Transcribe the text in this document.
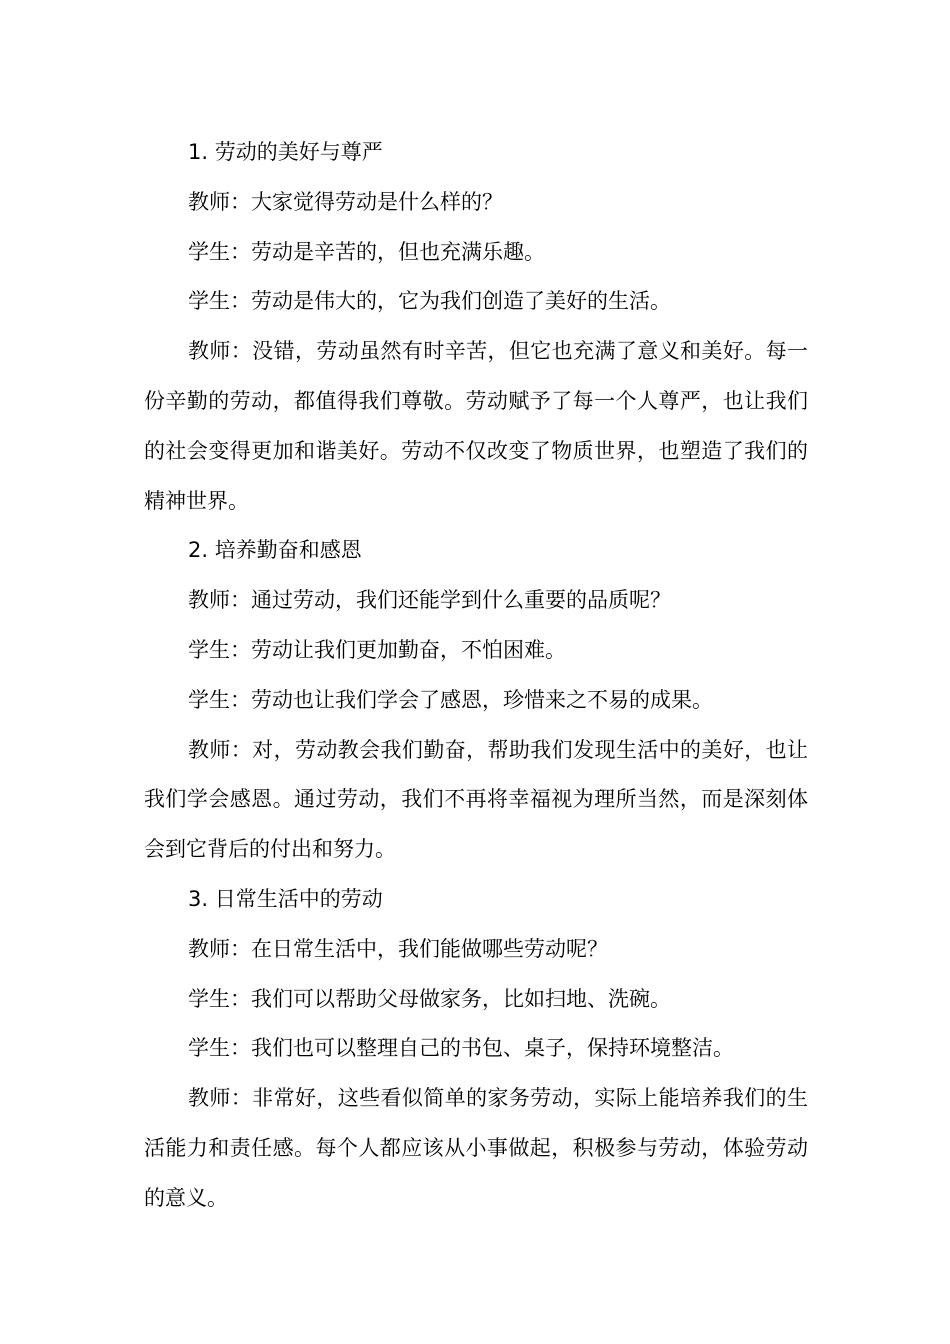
1. 劳动的美好与尊严

教师：大家觉得劳动是什么样的？

学生：劳动是辛苦的，但也充满乐趣。

学生：劳动是伟大的，它为我们创造了美好的生活。

教师：没错，劳动虽然有时辛苦，但它也充满了意义和美好。每一份辛勤的劳动，都值得我们尊敬。劳动赋予了每一个人尊严，也让我们的社会变得更加和谐美好。劳动不仅改变了物质世界，也塑造了我们的精神世界。

2. 培养勤奋和感恩

教师：通过劳动，我们还能学到什么重要的品质呢？

学生：劳动让我们更加勤奋，不怕困难。

学生：劳动也让我们学会了感恩，珍惜来之不易的成果。

教师：对，劳动教会我们勤奋，帮助我们发现生活中的美好，也让我们学会感恩。通过劳动，我们不再将幸福视为理所当然，而是深刻体会到它背后的付出和努力。

3. 日常生活中的劳动

教师：在日常生活中，我们能做哪些劳动呢？

学生：我们可以帮助父母做家务，比如扫地、洗碗。

学生：我们也可以整理自己的书包、桌子，保持环境整洁。

教师：非常好，这些看似简单的家务劳动，实际上能培养我们的生活能力和责任感。每个人都应该从小事做起，积极参与劳动，体验劳动的意义。
